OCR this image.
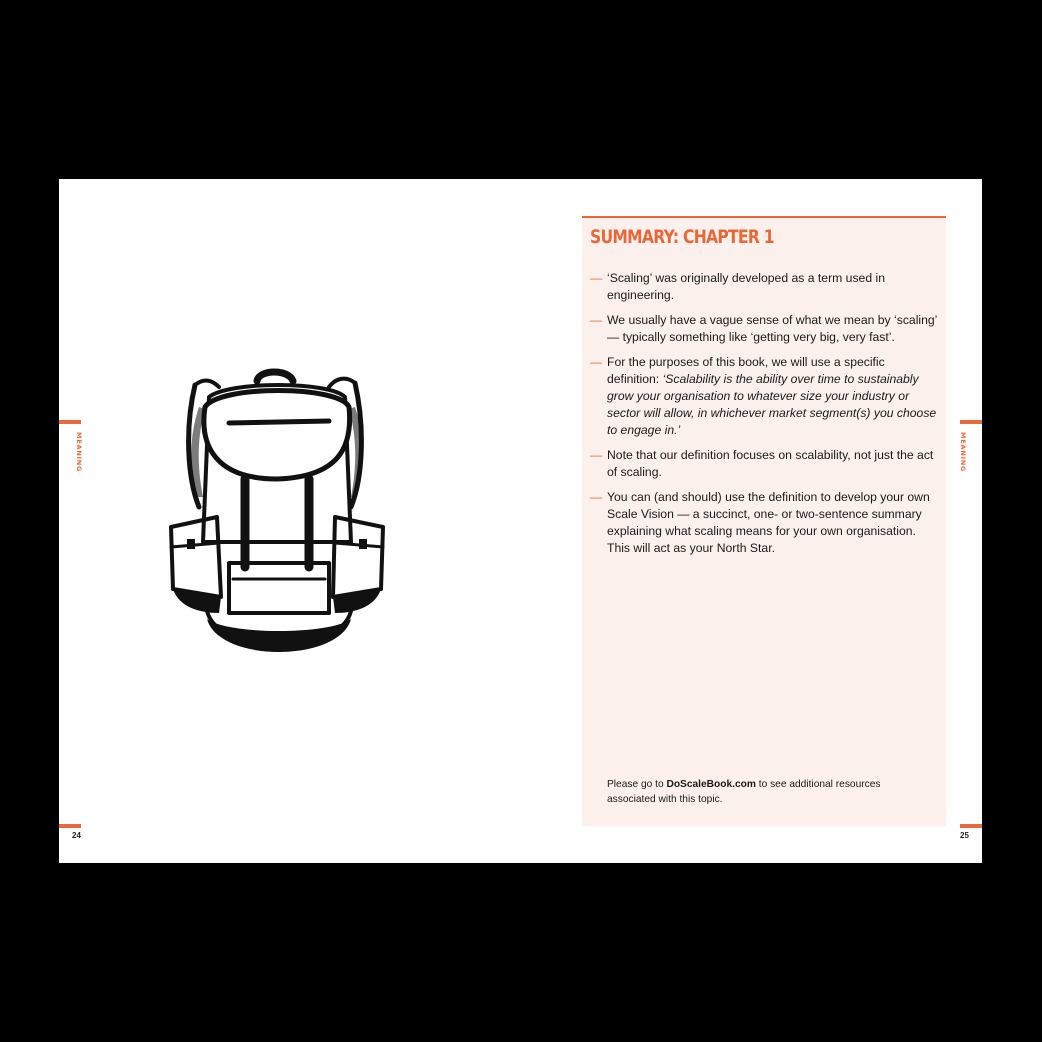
MEANING
24
MEANING
25
SUMMARY: CHAPTER 1
— ‘Scaling’ was originally developed as a term used in engineering.
— We usually have a vague sense of what we mean by ‘scaling’ — typically something like ‘getting very big, very fast’.
— For the purposes of this book, we will use a specific definition: ‘Scalability is the ability over time to sustainably grow your organisation to whatever size your industry or sector will allow, in whichever market segment(s) you choose to engage in.’
— Note that our definition focuses on scalability, not just the act of scaling.
— You can (and should) use the definition to develop your own Scale Vision — a succinct, one- or two-sentence summary explaining what scaling means for your own organisation. This will act as your North Star.
Please go to DoScaleBook.com to see additional resources associated with this topic.
